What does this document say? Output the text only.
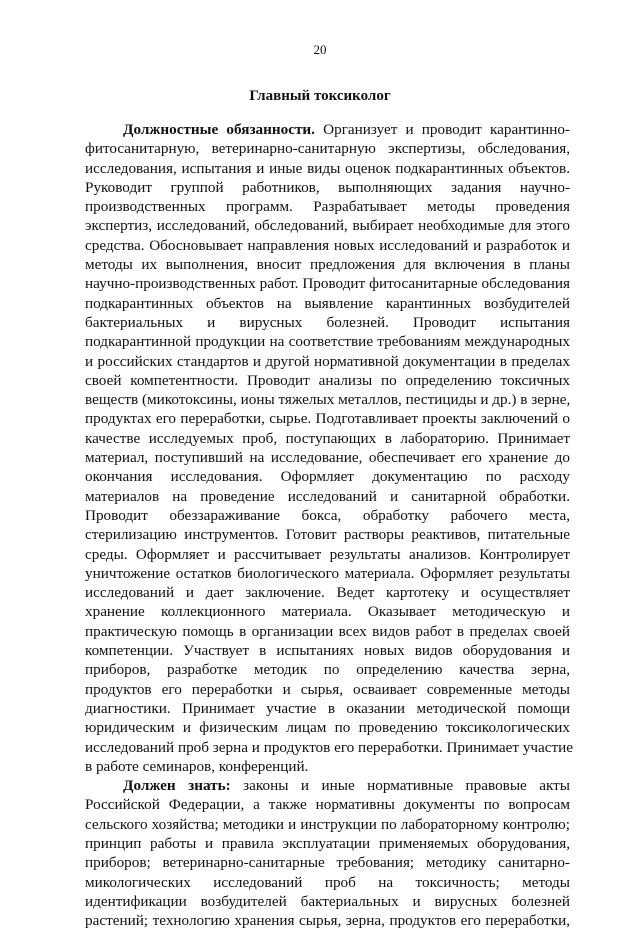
20
Главный токсиколог
Должностные обязанности. Организует и проводит карантинно-
фитосанитарную, ветеринарно-санитарную экспертизы, обследования,
исследования, испытания и иные виды оценок подкарантинных объектов.
Руководит группой работников, выполняющих задания научно-
производственных программ. Разрабатывает методы проведения
экспертиз, исследований, обследований, выбирает необходимые для этого
средства. Обосновывает направления новых исследований и разработок и
методы их выполнения, вносит предложения для включения в планы
научно-производственных работ. Проводит фитосанитарные обследования
подкарантинных объектов на выявление карантинных возбудителей
бактериальных и вирусных болезней. Проводит испытания
подкарантинной продукции на соответствие требованиям международных
и российских стандартов и другой нормативной документации в пределах
своей компетентности. Проводит анализы по определению токсичных
веществ (микотоксины, ионы тяжелых металлов, пестициды и др.) в зерне,
продуктах его переработки, сырье. Подготавливает проекты заключений о
качестве исследуемых проб, поступающих в лабораторию. Принимает
материал, поступивший на исследование, обеспечивает его хранение до
окончания исследования. Оформляет документацию по расходу
материалов на проведение исследований и санитарной обработки.
Проводит обеззараживание бокса, обработку рабочего места,
стерилизацию инструментов. Готовит растворы реактивов, питательные
среды. Оформляет и рассчитывает результаты анализов. Контролирует
уничтожение остатков биологического материала. Оформляет результаты
исследований и дает заключение. Ведет картотеку и осуществляет
хранение коллекционного материала. Оказывает методическую и
практическую помощь в организации всех видов работ в пределах своей
компетенции. Участвует в испытаниях новых видов оборудования и
приборов, разработке методик по определению качества зерна,
продуктов его переработки и сырья, осваивает современные методы
диагностики. Принимает участие в оказании методической помощи
юридическим и физическим лицам по проведению токсикологических
исследований проб зерна и продуктов его переработки. Принимает участие
в работе семинаров, конференций.
Должен знать: законы и иные нормативные правовые акты
Российской Федерации, а также нормативны документы по вопросам
сельского хозяйства; методики и инструкции по лабораторному контролю;
принцип работы и правила эксплуатации применяемых оборудования,
приборов; ветеринарно-санитарные требования; методику санитарно-
микологических исследований проб на токсичность; методы
идентификации возбудителей бактериальных и вирусных болезней
растений; технологию хранения сырья, зерна, продуктов его переработки,
